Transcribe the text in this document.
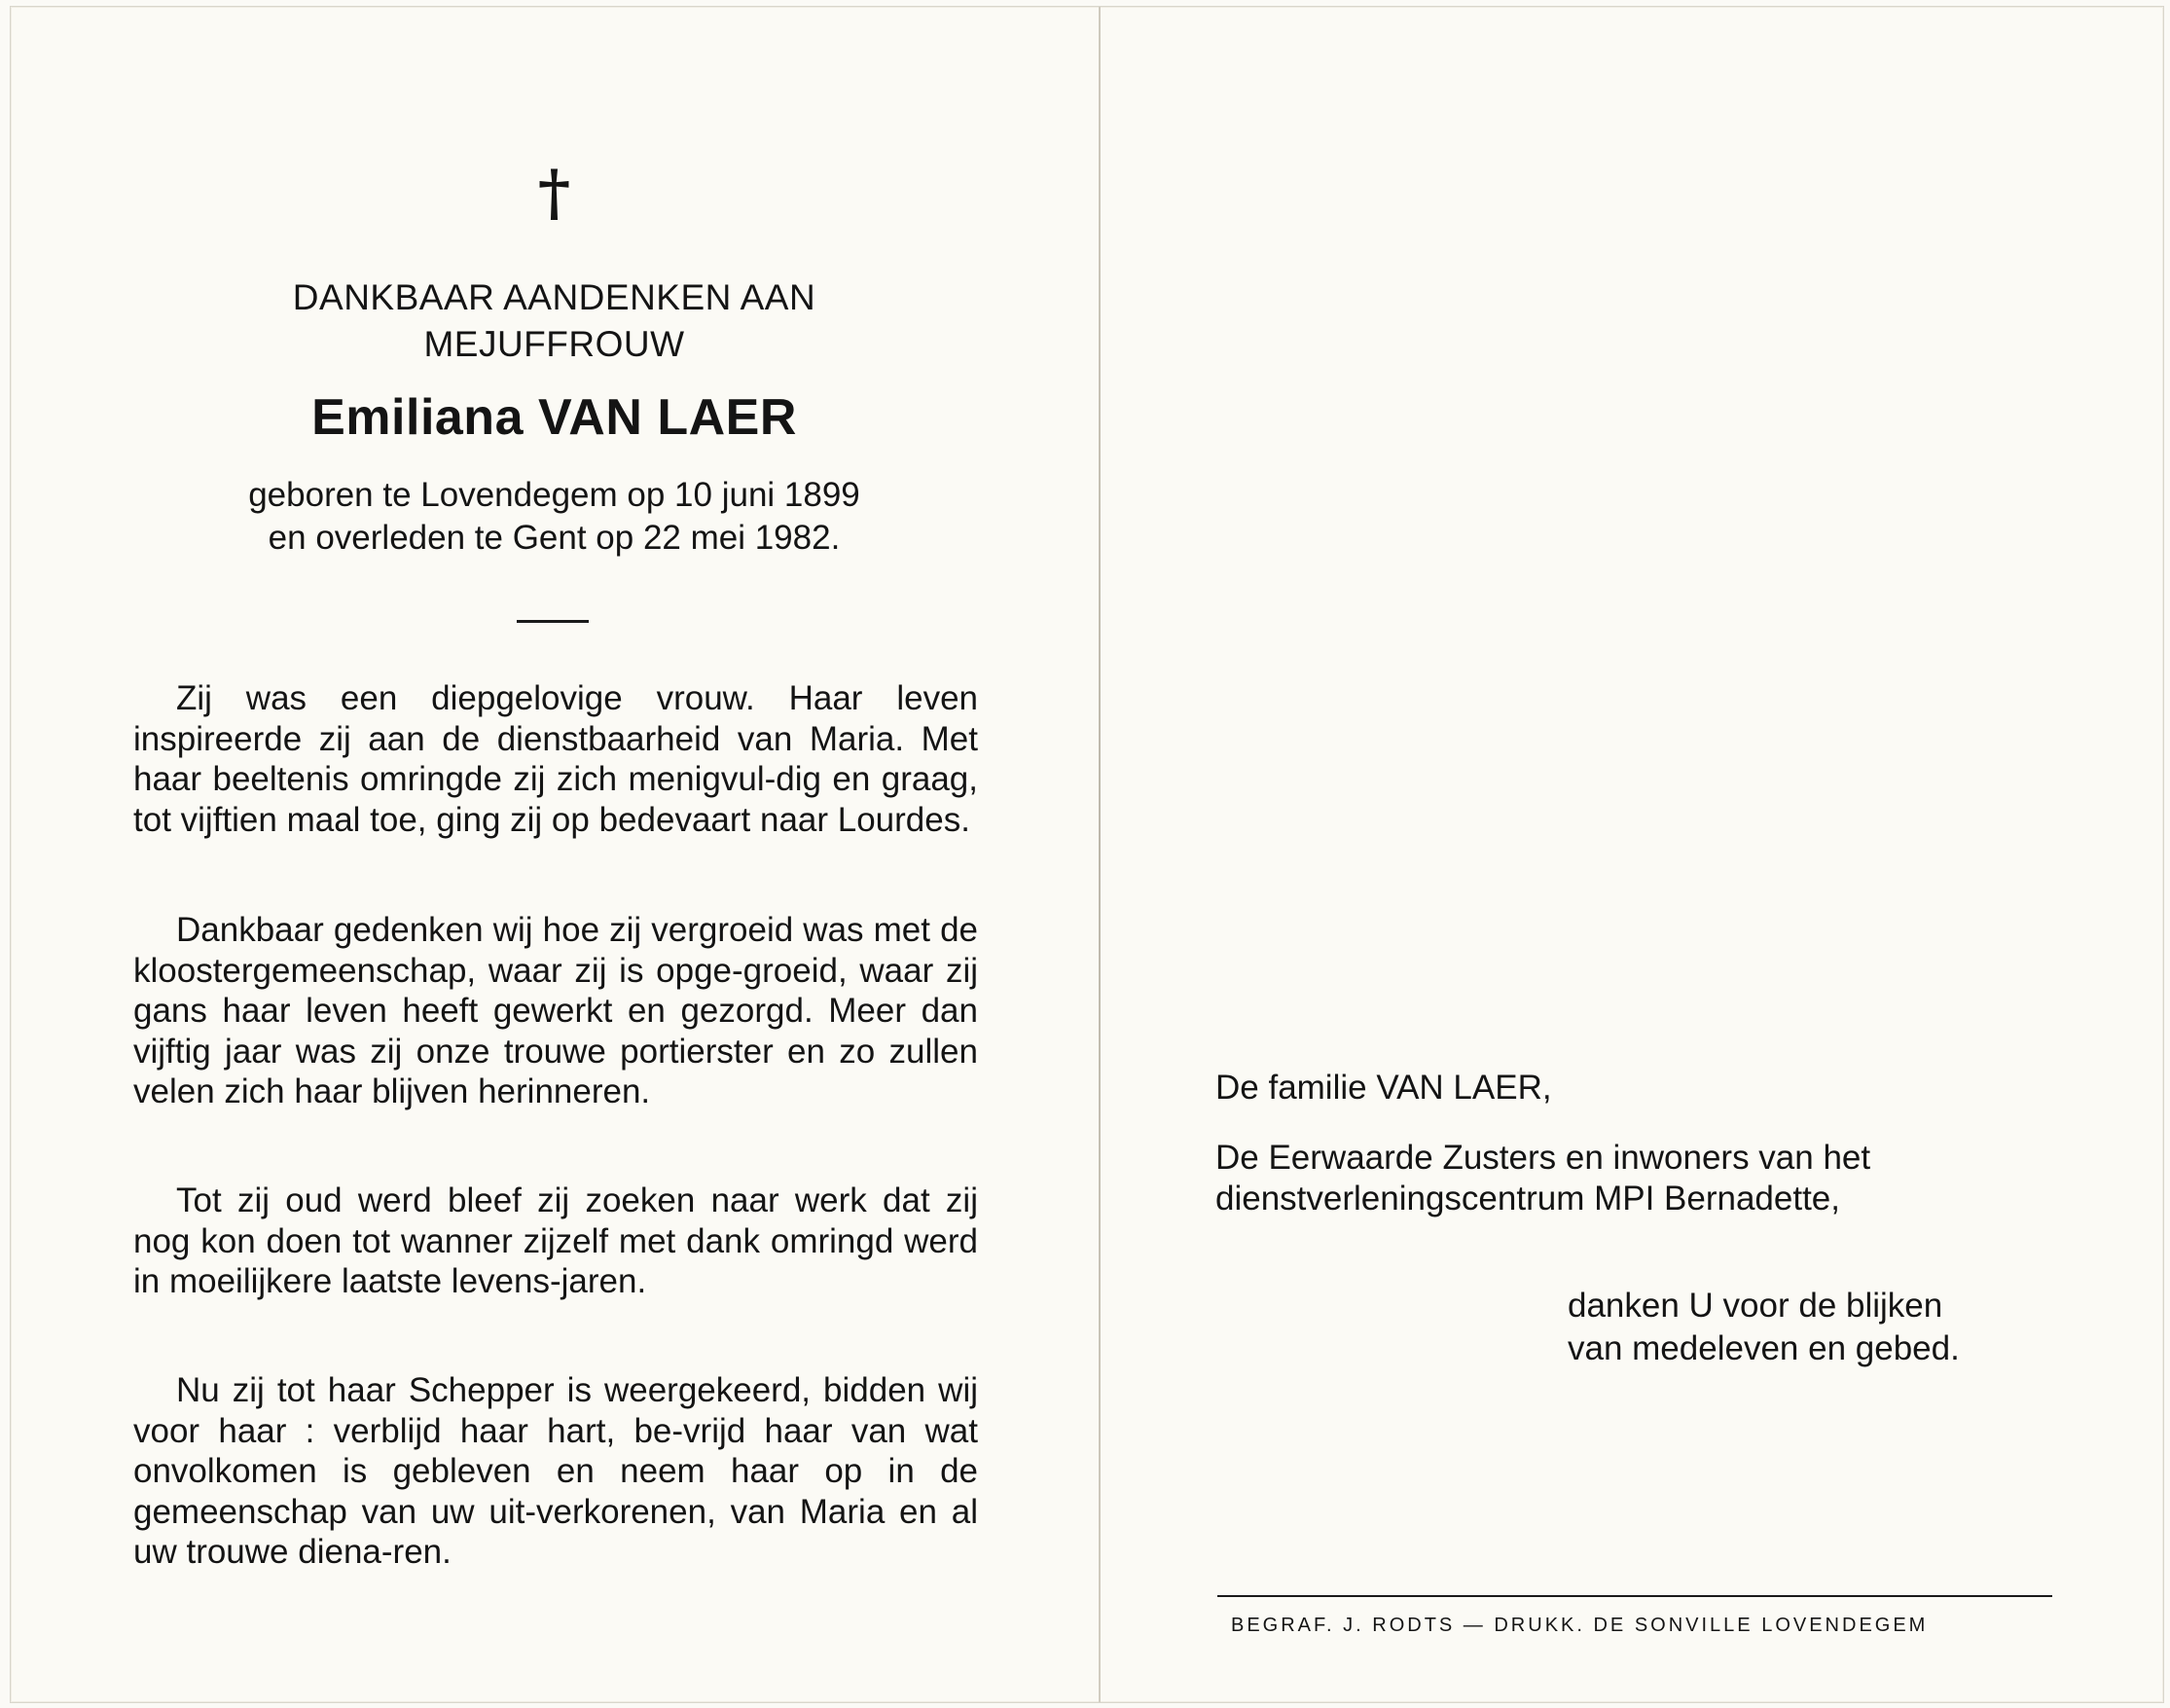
†
DANKBAAR AANDENKEN AAN
MEJUFFROUW
Emiliana VAN LAER
geboren te Lovendegem op 10 juni 1899
en overleden te Gent op 22 mei 1982.

Zij was een diepgelovige vrouw. Haar leven inspireerde zij aan de dienstbaarheid van Maria. Met haar beeltenis omringde zij zich menigvul-dig en graag, tot vijftien maal toe, ging zij op bedevaart naar Lourdes.

Dankbaar gedenken wij hoe zij vergroeid was met de kloostergemeenschap, waar zij is opge-groeid, waar zij gans haar leven heeft gewerkt en gezorgd. Meer dan vijftig jaar was zij onze trouwe portierster en zo zullen velen zich haar blijven herinneren.

Tot zij oud werd bleef zij zoeken naar werk dat zij nog kon doen tot wanner zijzelf met dank omringd werd in moeilijkere laatste levens-jaren.

Nu zij tot haar Schepper is weergekeerd, bidden wij voor haar : verblijd haar hart, be-vrijd haar van wat onvolkomen is gebleven en neem haar op in de gemeenschap van uw uit-verkorenen, van Maria en al uw trouwe diena-ren.

De familie VAN LAER,
De Eerwaarde Zusters en inwoners van het
dienstverleningscentrum MPI Bernadette,
danken U voor de blijken
van medeleven en gebed.
BEGRAF. J. RODTS — DRUKK. DE SONVILLE LOVENDEGEM
